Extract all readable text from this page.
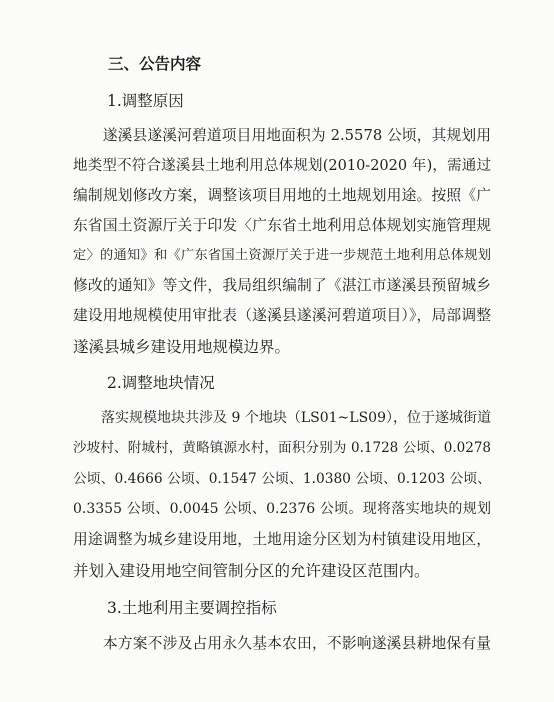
三、公告内容
1.调整原因
　　遂溪县遂溪河碧道项目用地面积为 2.5578 公顷，其规划用
地类型不符合遂溪县土地利用总体规划(2010-2020 年)，需通过
编制规划修改方案，调整该项目用地的土地规划用途。按照《广
东省国土资源厅关于印发〈广东省土地利用总体规划实施管理规
定〉的通知》和《广东省国土资源厅关于进一步规范土地利用总体规划
修改的通知》等文件，我局组织编制了《湛江市遂溪县预留城乡
建设用地规模使用审批表（遂溪县遂溪河碧道项目）》，局部调整
遂溪县城乡建设用地规模边界。
2.调整地块情况
　　落实规模地块共涉及 9 个地块（LS01~LS09），位于遂城街道
沙坡村、附城村，黄略镇源水村，面积分别为 0.1728 公顷、0.0278
公顷、0.4666 公顷、0.1547 公顷、1.0380 公顷、0.1203 公顷、
0.3355 公顷、0.0045 公顷、0.2376 公顷。现将落实地块的规划
用途调整为城乡建设用地，土地用途分区划为村镇建设用地区，
并划入建设用地空间管制分区的允许建设区范围内。
3.土地利用主要调控指标
　　本方案不涉及占用永久基本农田，不影响遂溪县耕地保有量
